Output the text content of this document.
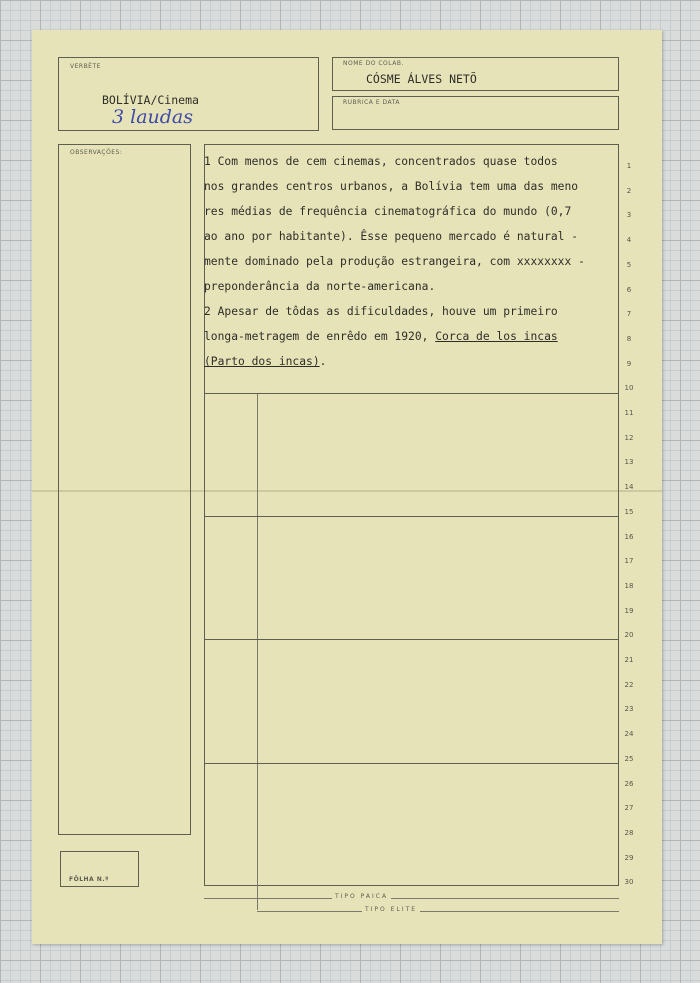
VERBÊTE
BOLÍVIA/Cinema
3 laudas
NOME DO COLAB.
CÓSME ÁLVES NETÕ
RUBRICA E DATA
OBSERVAÇÕES:
FÔLHA N.º
TIPO PAICA
TIPO ELITE
1 Com menos de cem cinemas, concentrados quase todos
nos grandes centros urbanos, a Bolívia tem uma das meno
res médias de frequência cinematográfica do mundo (0,7
ao ano por habitante). Êsse pequeno mercado é natural -
mente dominado pela produção estrangeira, com xxxxxxxx -
preponderância da norte-americana.
2 Apesar de tôdas as dificuldades, houve um primeiro
longa-metragem de enrêdo em 1920, Corca de los incas
(Parto dos incas).
1
2
3
4
5
6
7
8
9
10
11
12
13
14
15
16
17
18
19
20
21
22
23
24
25
26
27
28
29
30
